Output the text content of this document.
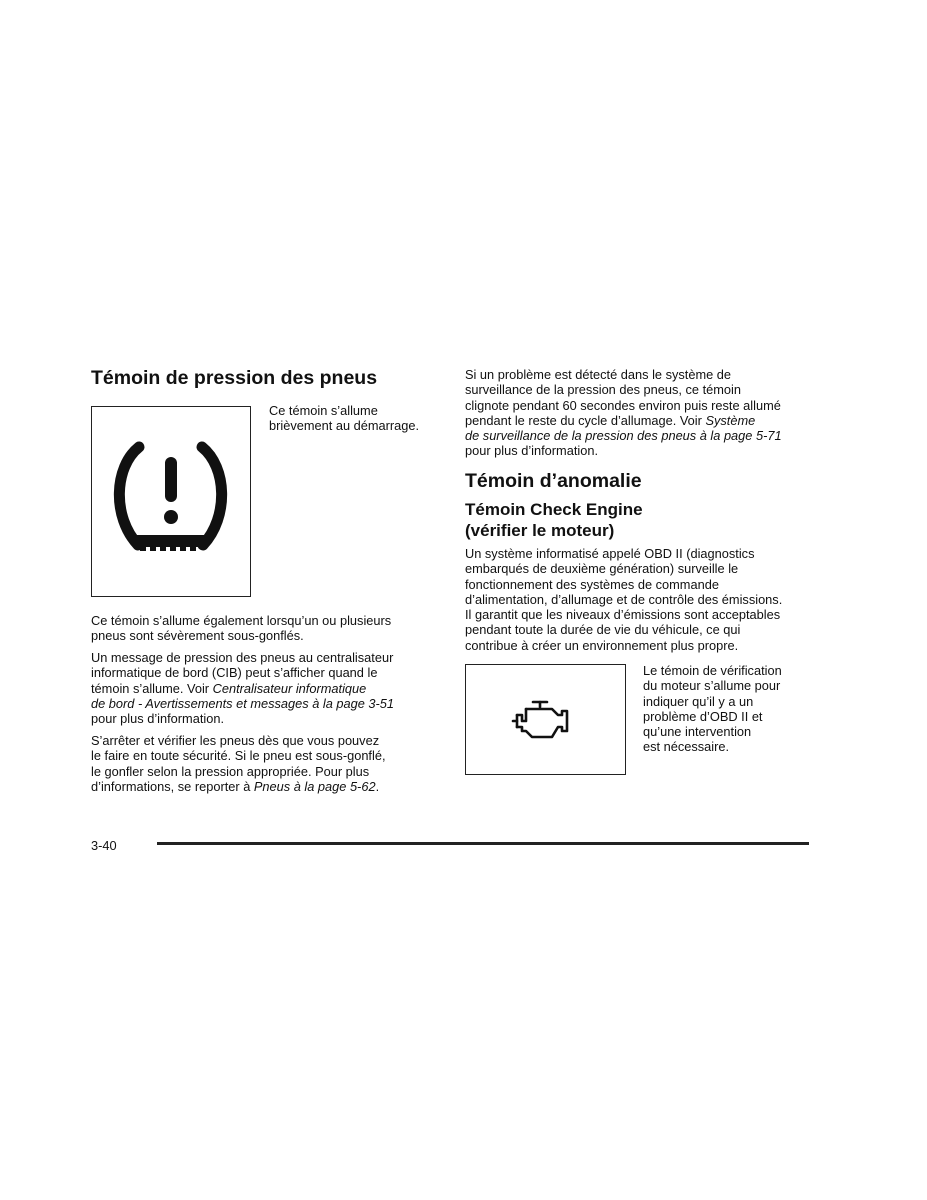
Témoin de pression des pneus

Ce témoin s’allume
brièvement au démarrage.

Ce témoin s’allume également lorsqu’un ou plusieurs
pneus sont sévèrement sous-gonflés.

Un message de pression des pneus au centralisateur
informatique de bord (CIB) peut s’afficher quand le
témoin s’allume. Voir Centralisateur informatique
de bord - Avertissements et messages à la page 3-51
pour plus d’information.

S’arrêter et vérifier les pneus dès que vous pouvez
le faire en toute sécurité. Si le pneu est sous-gonflé,
le gonfler selon la pression appropriée. Pour plus
d’informations, se reporter à Pneus à la page 5-62.

Si un problème est détecté dans le système de
surveillance de la pression des pneus, ce témoin
clignote pendant 60 secondes environ puis reste allumé
pendant le reste du cycle d’allumage. Voir Système
de surveillance de la pression des pneus à la page 5-71
pour plus d’information.

Témoin d’anomalie
Témoin Check Engine
(vérifier le moteur)

Un système informatisé appelé OBD II (diagnostics
embarqués de deuxième génération) surveille le
fonctionnement des systèmes de commande
d’alimentation, d’allumage et de contrôle des émissions.
Il garantit que les niveaux d’émissions sont acceptables
pendant toute la durée de vie du véhicule, ce qui
contribue à créer un environnement plus propre.

Le témoin de vérification
du moteur s’allume pour
indiquer qu’il y a un
problème d’OBD II et
qu’une intervention
est nécessaire.

3-40
